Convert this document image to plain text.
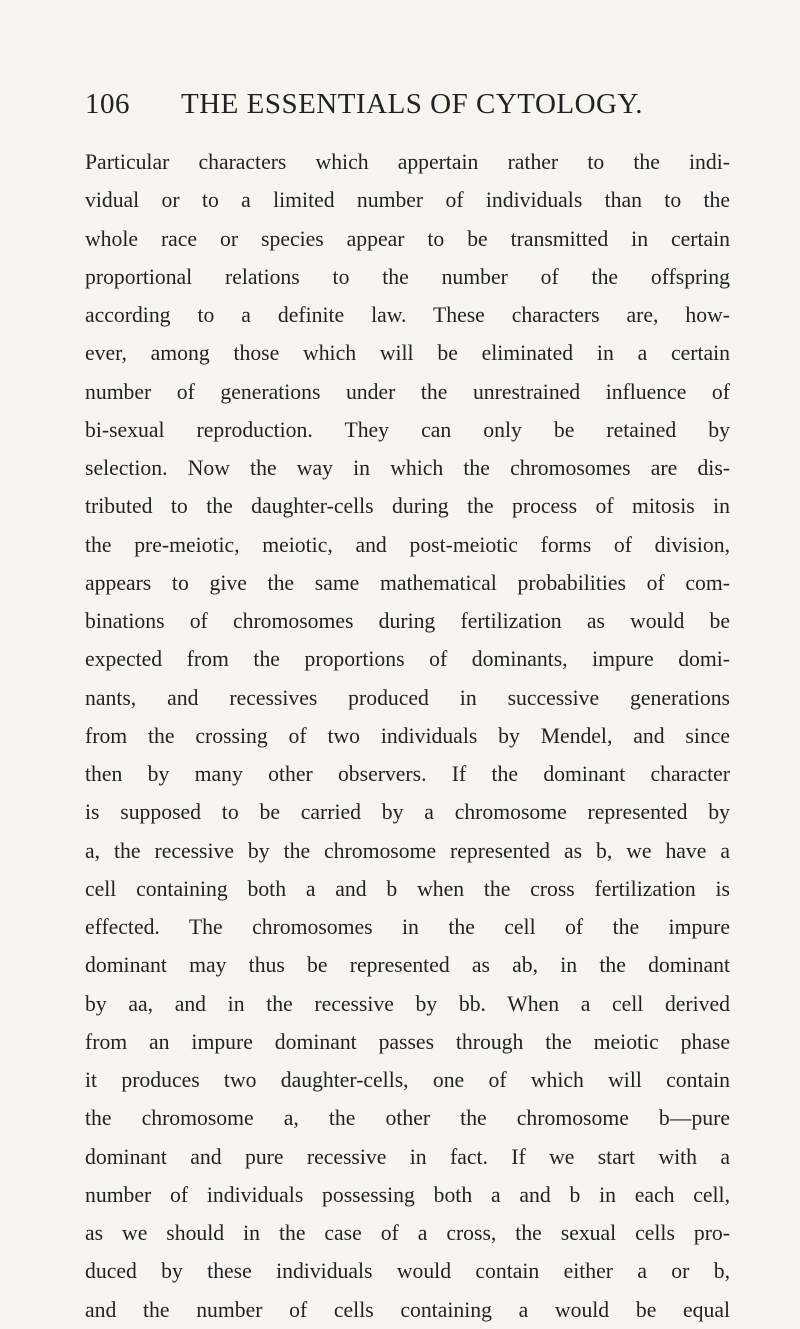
106 THE ESSENTIALS OF CYTOLOGY.
Particular characters which appertain rather to the indi-
vidual or to a limited number of individuals than to the
whole race or species appear to be transmitted in certain
proportional relations to the number of the offspring
according to a definite law. These characters are, how-
ever, among those which will be eliminated in a certain
number of generations under the unrestrained influence of
bi-sexual reproduction. They can only be retained by
selection. Now the way in which the chromosomes are dis-
tributed to the daughter-cells during the process of mitosis in
the pre-meiotic, meiotic, and post-meiotic forms of division,
appears to give the same mathematical probabilities of com-
binations of chromosomes during fertilization as would be
expected from the proportions of dominants, impure domi-
nants, and recessives produced in successive generations
from the crossing of two individuals by Mendel, and since
then by many other observers. If the dominant character
is supposed to be carried by a chromosome represented by
a, the recessive by the chromosome represented as b, we have a
cell containing both a and b when the cross fertilization is
effected. The chromosomes in the cell of the impure
dominant may thus be represented as ab, in the dominant
by aa, and in the recessive by bb. When a cell derived
from an impure dominant passes through the meiotic phase
it produces two daughter-cells, one of which will contain
the chromosome a, the other the chromosome b—pure
dominant and pure recessive in fact. If we start with a
number of individuals possessing both a and b in each cell,
as we should in the case of a cross, the sexual cells pro-
duced by these individuals would contain either a or b,
and the number of cells containing a would be equal
